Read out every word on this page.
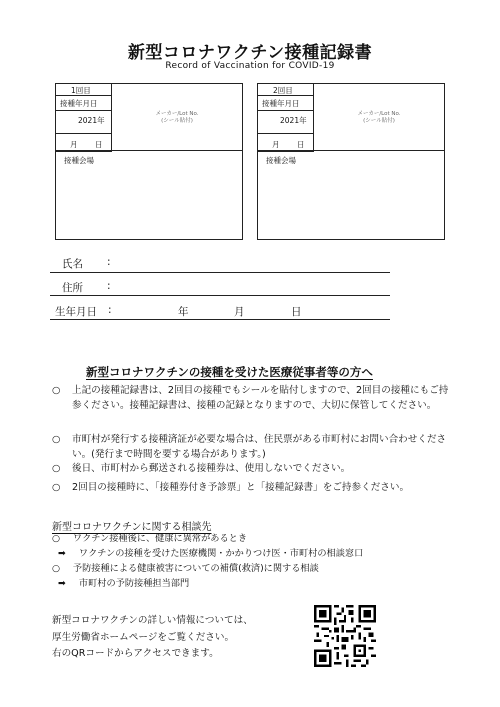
新型コロナワクチン接種記録書
Record of Vaccination for COVID-19
1回目
接種年月日
2021年
月 日
メーカー/Lot No.
(シール貼付)
接種会場
2回目
接種年月日
2021年
月 日
メーカー/Lot No.
(シール貼付)
接種会場
氏名 :
住所 :
生年月日 :	年	月	日
新型コロナワクチンの接種を受けた医療従事者等の方へ
○	上記の接種記録書は、2回目の接種でもシールを貼付しますので、2回目の接種にもご持参ください。接種記録書は、接種の記録となりますので、大切に保管してください。
○	市町村が発行する接種済証が必要な場合は、住民票がある市町村にお問い合わせください。(発行まで時間を要する場合があります。)
○	後日、市町村から郵送される接種券は、使用しないでください。
○	2回目の接種時に、「接種券付き予診票」と「接種記録書」をご持参ください。
新型コロナワクチンに関する相談先
○ ワクチン接種後に、健康に異常があるとき
➡ ワクチンの接種を受けた医療機関・かかりつけ医・市町村の相談窓口
○ 予防接種による健康被害についての補償(救済)に関する相談
➡ 市町村の予防接種担当部門
新型コロナワクチンの詳しい情報については、
厚生労働省ホームページをご覧ください。
右のQRコードからアクセスできます。
